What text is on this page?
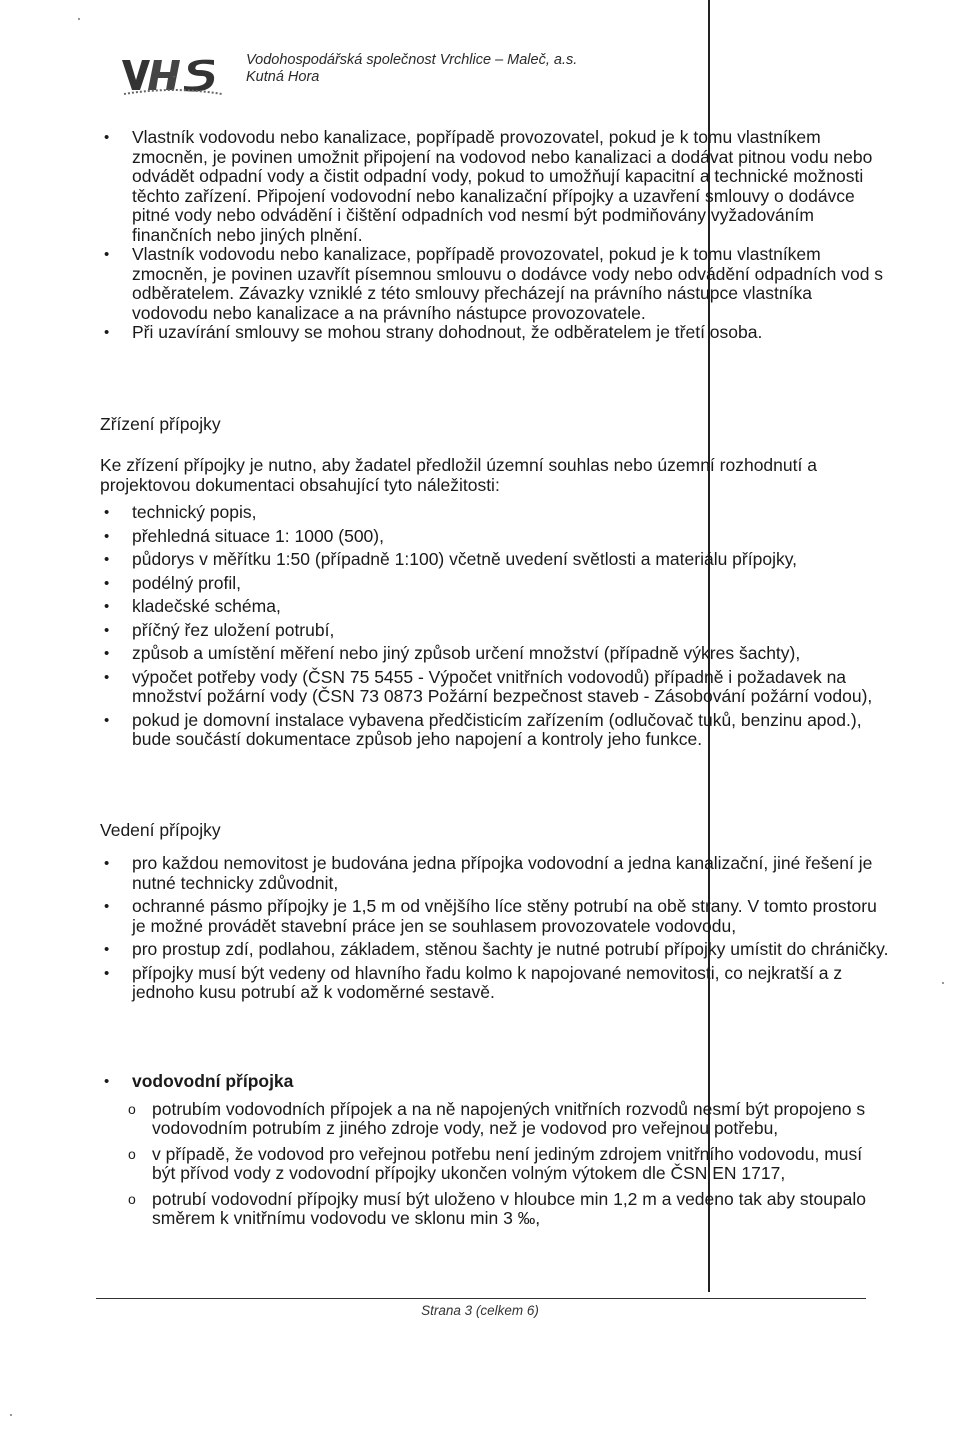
VHS
Vodohospodářská společnost Vrchlice – Maleč, a.s.
Kutná Hora
• Vlastník vodovodu nebo kanalizace, popřípadě provozovatel, pokud je k tomu vlastníkem zmocněn, je povinen umožnit připojení na vodovod nebo kanalizaci a dodávat pitnou vodu nebo odvádět odpadní vody a čistit odpadní vody, pokud to umožňují kapacitní a technické možnosti těchto zařízení. Připojení vodovodní nebo kanalizační přípojky a uzavření smlouvy o dodávce pitné vody nebo odvádění i čištění odpadních vod nesmí být podmiňovány vyžadováním finančních nebo jiných plnění.
• Vlastník vodovodu nebo kanalizace, popřípadě provozovatel, pokud je k tomu vlastníkem zmocněn, je povinen uzavřít písemnou smlouvu o dodávce vody nebo odvádění odpadních vod s odběratelem. Závazky vzniklé z této smlouvy přecházejí na právního nástupce vlastníka vodovodu nebo kanalizace a na právního nástupce provozovatele.
• Při uzavírání smlouvy se mohou strany dohodnout, že odběratelem je třetí osoba.

Zřízení přípojky

Ke zřízení přípojky je nutno, aby žadatel předložil územní souhlas nebo územní rozhodnutí a projektovou dokumentaci obsahující tyto náležitosti:

• technický popis,
• přehledná situace 1: 1000 (500),
• půdorys v měřítku 1:50 (případně 1:100) včetně uvedení světlosti a materiálu přípojky,
• podélný profil,
• kladečské schéma,
• příčný řez uložení potrubí,
• způsob a umístění měření nebo jiný způsob určení množství (případně výkres šachty),
• výpočet potřeby vody (ČSN 75 5455 - Výpočet vnitřních vodovodů) případně i požadavek na množství požární vody (ČSN 73 0873 Požární bezpečnost staveb - Zásobování požární vodou),
• pokud je domovní instalace vybavena předčisticím zařízením (odlučovač tuků, benzinu apod.), bude součástí dokumentace způsob jeho napojení a kontroly jeho funkce.

Vedení přípojky

• pro každou nemovitost je budována jedna přípojka vodovodní a jedna kanalizační, jiné řešení je nutné technicky zdůvodnit,
• ochranné pásmo přípojky je 1,5 m od vnějšího líce stěny potrubí na obě strany. V tomto prostoru je možné provádět stavební práce jen se souhlasem provozovatele vodovodu,
• pro prostup zdí, podlahou, základem, stěnou šachty je nutné potrubí přípojky umístit do chráničky.
• přípojky musí být vedeny od hlavního řadu kolmo k napojované nemovitosti, co nejkratší a z jednoho kusu potrubí až k vodoměrné sestavě.
• vodovodní přípojka
o potrubím vodovodních přípojek a na ně napojených vnitřních rozvodů nesmí být propojeno s vodovodním potrubím z jiného zdroje vody, než je vodovod pro veřejnou potřebu,
o v případě, že vodovod pro veřejnou potřebu není jediným zdrojem vnitřního vodovodu, musí být přívod vody z vodovodní přípojky ukončen volným výtokem dle ČSN EN 1717,
o potrubí vodovodní přípojky musí být uloženo v hloubce min 1,2 m a vedeno tak aby stoupalo směrem k vnitřnímu vodovodu ve sklonu min 3 ‰,
Strana 3 (celkem 6)
